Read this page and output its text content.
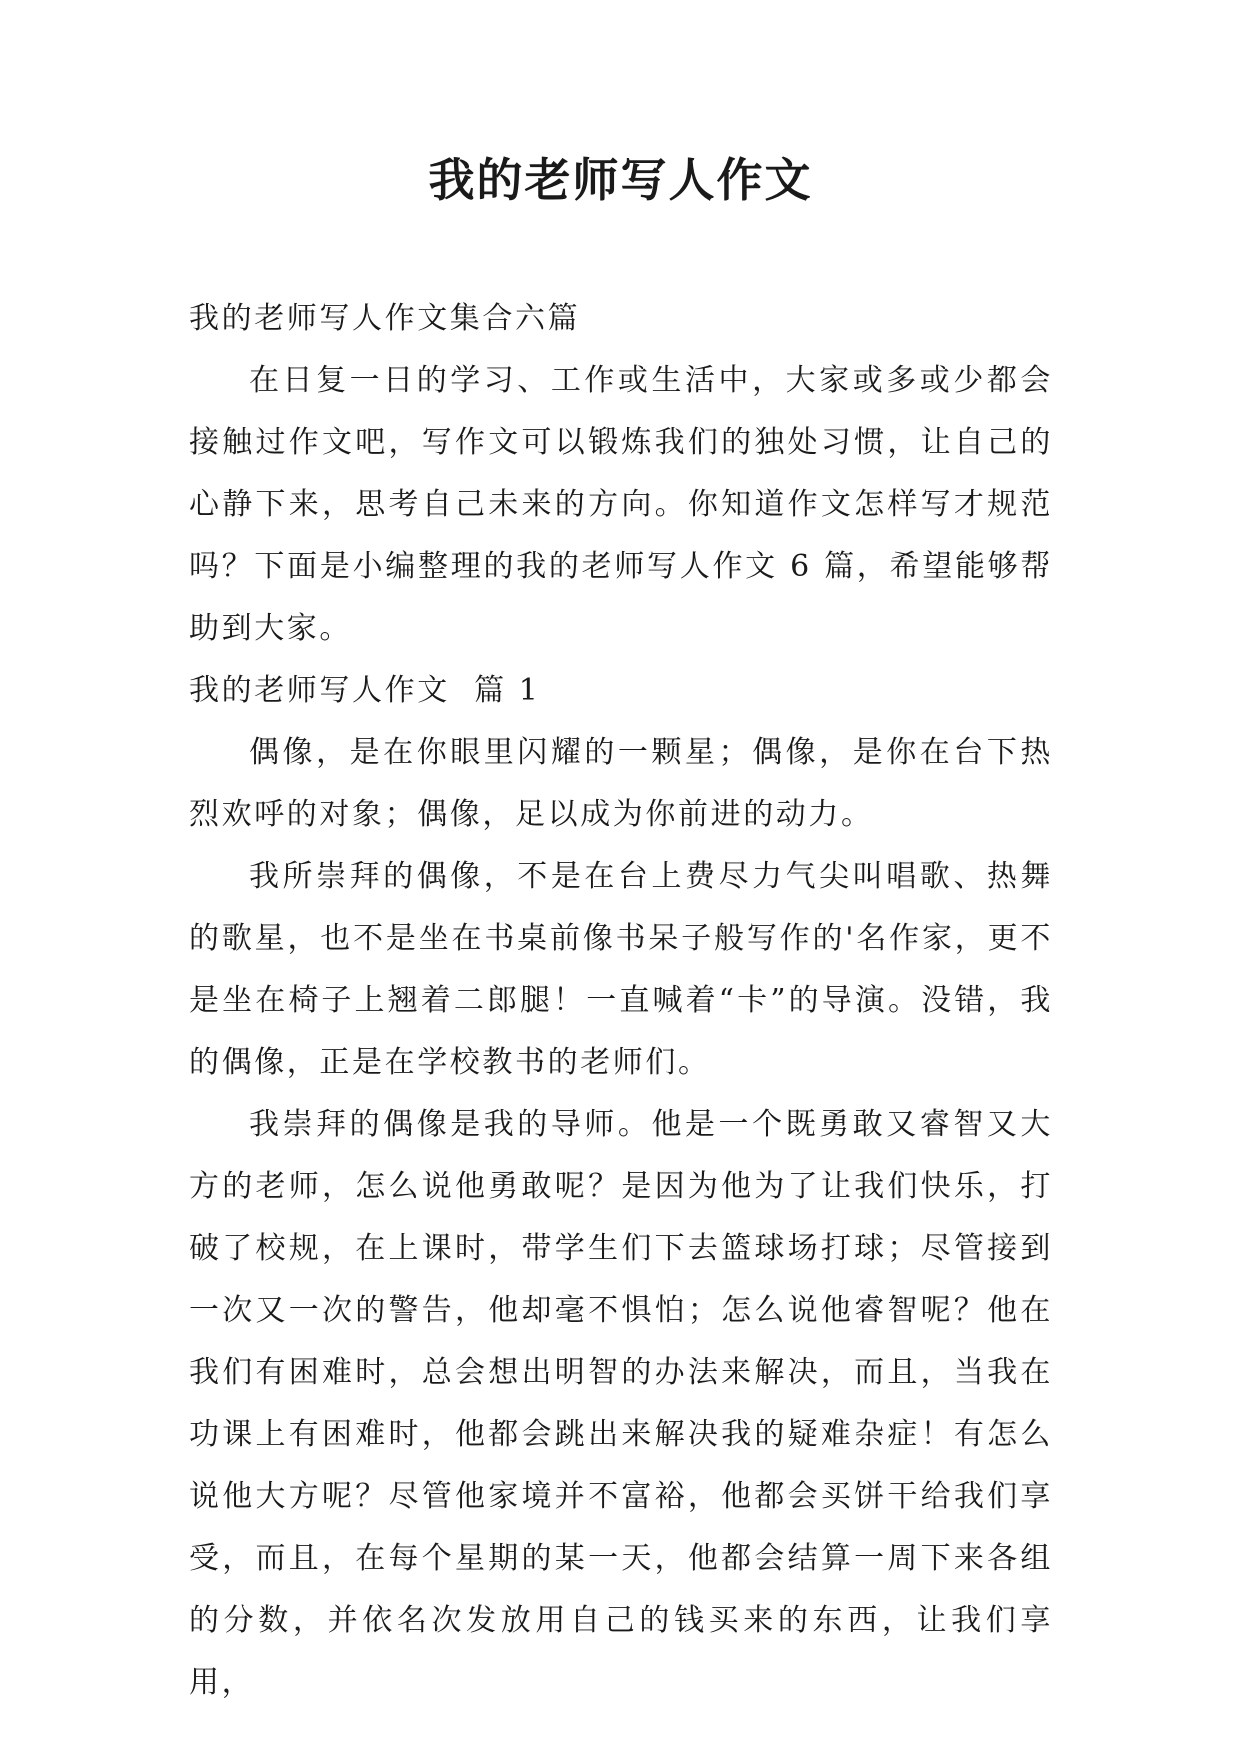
我的老师写人作文

我的老师写人作文集合六篇

在日复一日的学习、工作或生活中，大家或多或少都会接触过作文吧，写作文可以锻炼我们的独处习惯，让自己的心静下来，思考自己未来的方向。你知道作文怎样写才规范吗？下面是小编整理的我的老师写人作文 6 篇，希望能够帮助到大家。

我的老师写人作文  篇 1

偶像，是在你眼里闪耀的一颗星；偶像，是你在台下热烈欢呼的对象；偶像，足以成为你前进的动力。

我所崇拜的偶像，不是在台上费尽力气尖叫唱歌、热舞的歌星，也不是坐在书桌前像书呆子般写作的'名作家，更不是坐在椅子上翘着二郎腿！一直喊着“卡”的导演。没错，我的偶像，正是在学校教书的老师们。

我崇拜的偶像是我的导师。他是一个既勇敢又睿智又大方的老师，怎么说他勇敢呢？是因为他为了让我们快乐，打破了校规，在上课时，带学生们下去篮球场打球；尽管接到一次又一次的警告，他却毫不惧怕；怎么说他睿智呢？他在我们有困难时，总会想出明智的办法来解决，而且，当我在功课上有困难时，他都会跳出来解决我的疑难杂症！有怎么说他大方呢？尽管他家境并不富裕，他都会买饼干给我们享受，而且，在每个星期的某一天，他都会结算一周下来各组的分数，并依名次发放用自己的钱买来的东西，让我们享用，
